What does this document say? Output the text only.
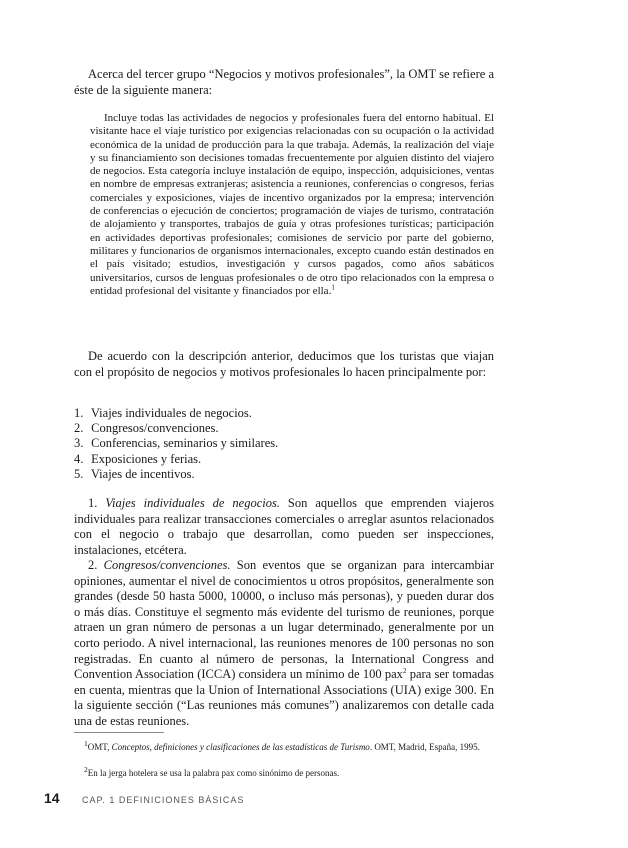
Acerca del tercer grupo “Negocios y motivos profesionales”, la OMT se refiere a éste de la siguiente manera:

Incluye todas las actividades de negocios y profesionales fuera del entorno habitual. El visitante hace el viaje turístico por exigencias relacionadas con su ocupación o la actividad económica de la unidad de producción para la que trabaja. Además, la realización del viaje y su financiamiento son decisiones tomadas frecuentemente por alguien distinto del viajero de negocios. Esta categoría incluye instalación de equipo, inspección, adquisiciones, ventas en nombre de empresas extranjeras; asistencia a reuniones, conferencias o congresos, ferias comerciales y exposiciones, viajes de incentivo organizados por la empresa; intervención de conferencias o ejecución de conciertos; programación de viajes de turismo, contratación de alojamiento y transportes, trabajos de guía y otras profesiones turísticas; participación en actividades deportivas profesionales; comisiones de servicio por parte del gobierno, militares y funcionarios de organismos internacionales, excepto cuando están destinados en el país visitado; estudios, investigación y cursos pagados, como años sabáticos universitarios, cursos de lenguas profesionales o de otro tipo relacionados con la empresa o entidad profesional del visitante y financiados por ella.$^1$

De acuerdo con la descripción anterior, deducimos que los turistas que viajan con el propósito de negocios y motivos profesionales lo hacen principalmente por:

1. Viajes individuales de negocios.
2. Congresos/convenciones.
3. Conferencias, seminarios y similares.
4. Exposiciones y ferias.
5. Viajes de incentivos.

1. Viajes individuales de negocios. Son aquellos que emprenden viajeros individuales para realizar transacciones comerciales o arreglar asuntos relacionados con el negocio o trabajo que desarrollan, como pueden ser inspecciones, instalaciones, etcétera.

2. Congresos/convenciones. Son eventos que se organizan para intercambiar opiniones, aumentar el nivel de conocimientos u otros propósitos, generalmente son grandes (desde 50 hasta 5000, 10000, o incluso más personas), y pueden durar dos o más días. Constituye el segmento más evidente del turismo de reuniones, porque atraen un gran número de personas a un lugar determinado, generalmente por un corto periodo. A nivel internacional, las reuniones menores de 100 personas no son registradas. En cuanto al número de personas, la International Congress and Convention Association (ICCA) considera un mínimo de 100 pax$^2$ para ser tomadas en cuenta, mientras que la Union of International Associations (UIA) exige 300. En la siguiente sección (“Las reuniones más comunes”) analizaremos con detalle cada una de estas reuniones.

$^1$OMT, Conceptos, definiciones y clasificaciones de las estadísticas de Turismo. OMT, Madrid, España, 1995.

$^2$En la jerga hotelera se usa la palabra pax como sinónimo de personas.

14 CAP. 1 DEFINICIONES BÁSICAS
